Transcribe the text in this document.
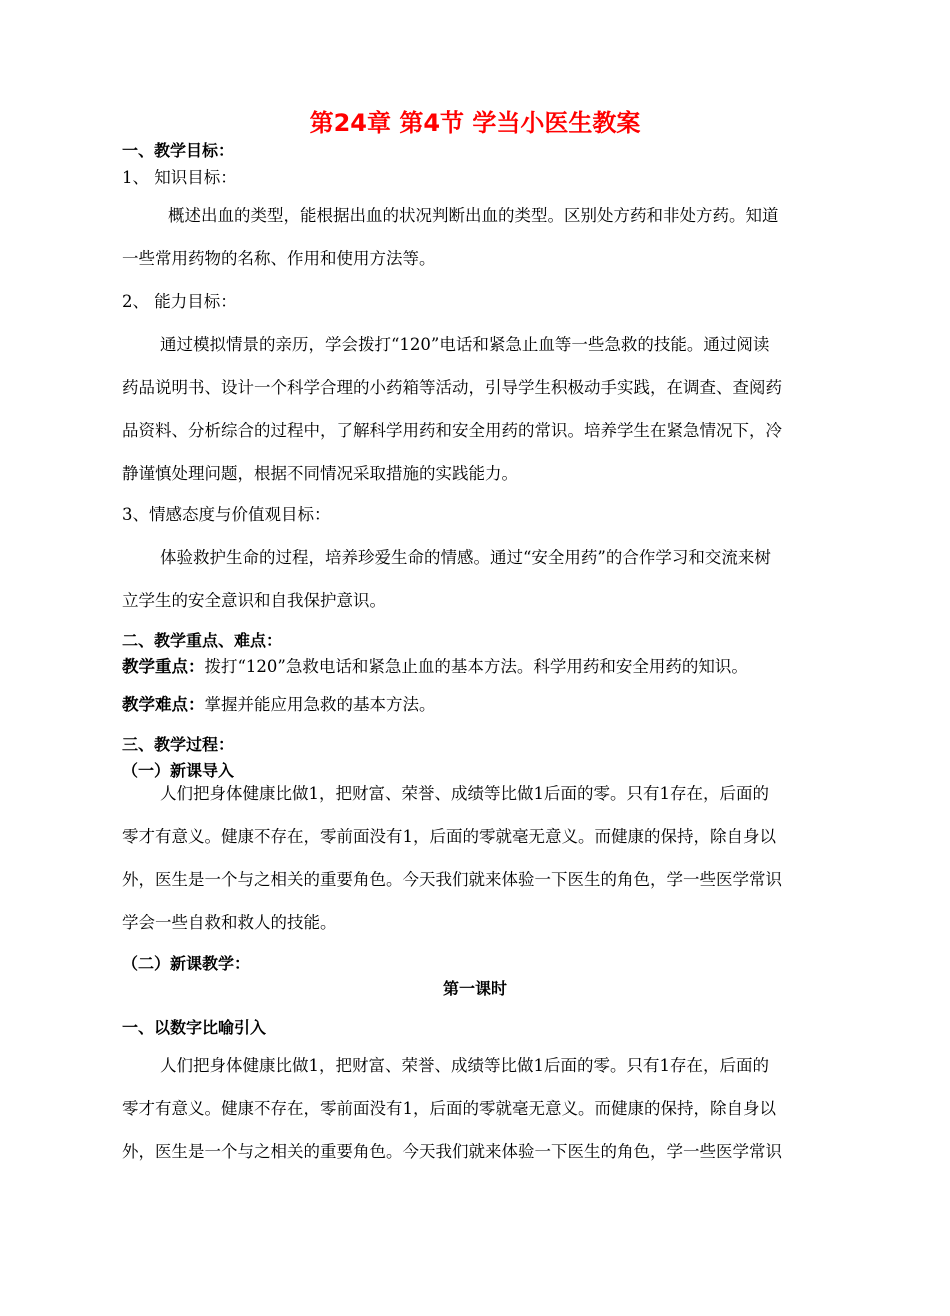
第24章 第4节 学当小医生教案
一、教学目标：
1、 知识目标：
概述出血的类型，能根据出血的状况判断出血的类型。区别处方药和非处方药。知道
一些常用药物的名称、作用和使用方法等。
2、 能力目标：
通过模拟情景的亲历，学会拨打“120”电话和紧急止血等一些急救的技能。通过阅读
药品说明书、设计一个科学合理的小药箱等活动，引导学生积极动手实践，在调查、查阅药
品资料、分析综合的过程中，了解科学用药和安全用药的常识。培养学生在紧急情况下，冷
静谨慎处理问题，根据不同情况采取措施的实践能力。
3、情感态度与价值观目标：
体验救护生命的过程，培养珍爱生命的情感。通过“安全用药”的合作学习和交流来树
立学生的安全意识和自我保护意识。
二、教学重点、难点：
教学重点：拨打“120”急救电话和紧急止血的基本方法。科学用药和安全用药的知识。
教学难点：掌握并能应用急救的基本方法。
三、教学过程：
（一）新课导入
人们把身体健康比做1，把财富、荣誉、成绩等比做1后面的零。只有1存在，后面的
零才有意义。健康不存在，零前面没有1，后面的零就毫无意义。而健康的保持，除自身以
外，医生是一个与之相关的重要角色。今天我们就来体验一下医生的角色，学一些医学常识
学会一些自救和救人的技能。
（二）新课教学：
第一课时
一、以数字比喻引入
人们把身体健康比做1，把财富、荣誉、成绩等比做1后面的零。只有1存在，后面的
零才有意义。健康不存在，零前面没有1，后面的零就毫无意义。而健康的保持，除自身以
外，医生是一个与之相关的重要角色。今天我们就来体验一下医生的角色，学一些医学常识
